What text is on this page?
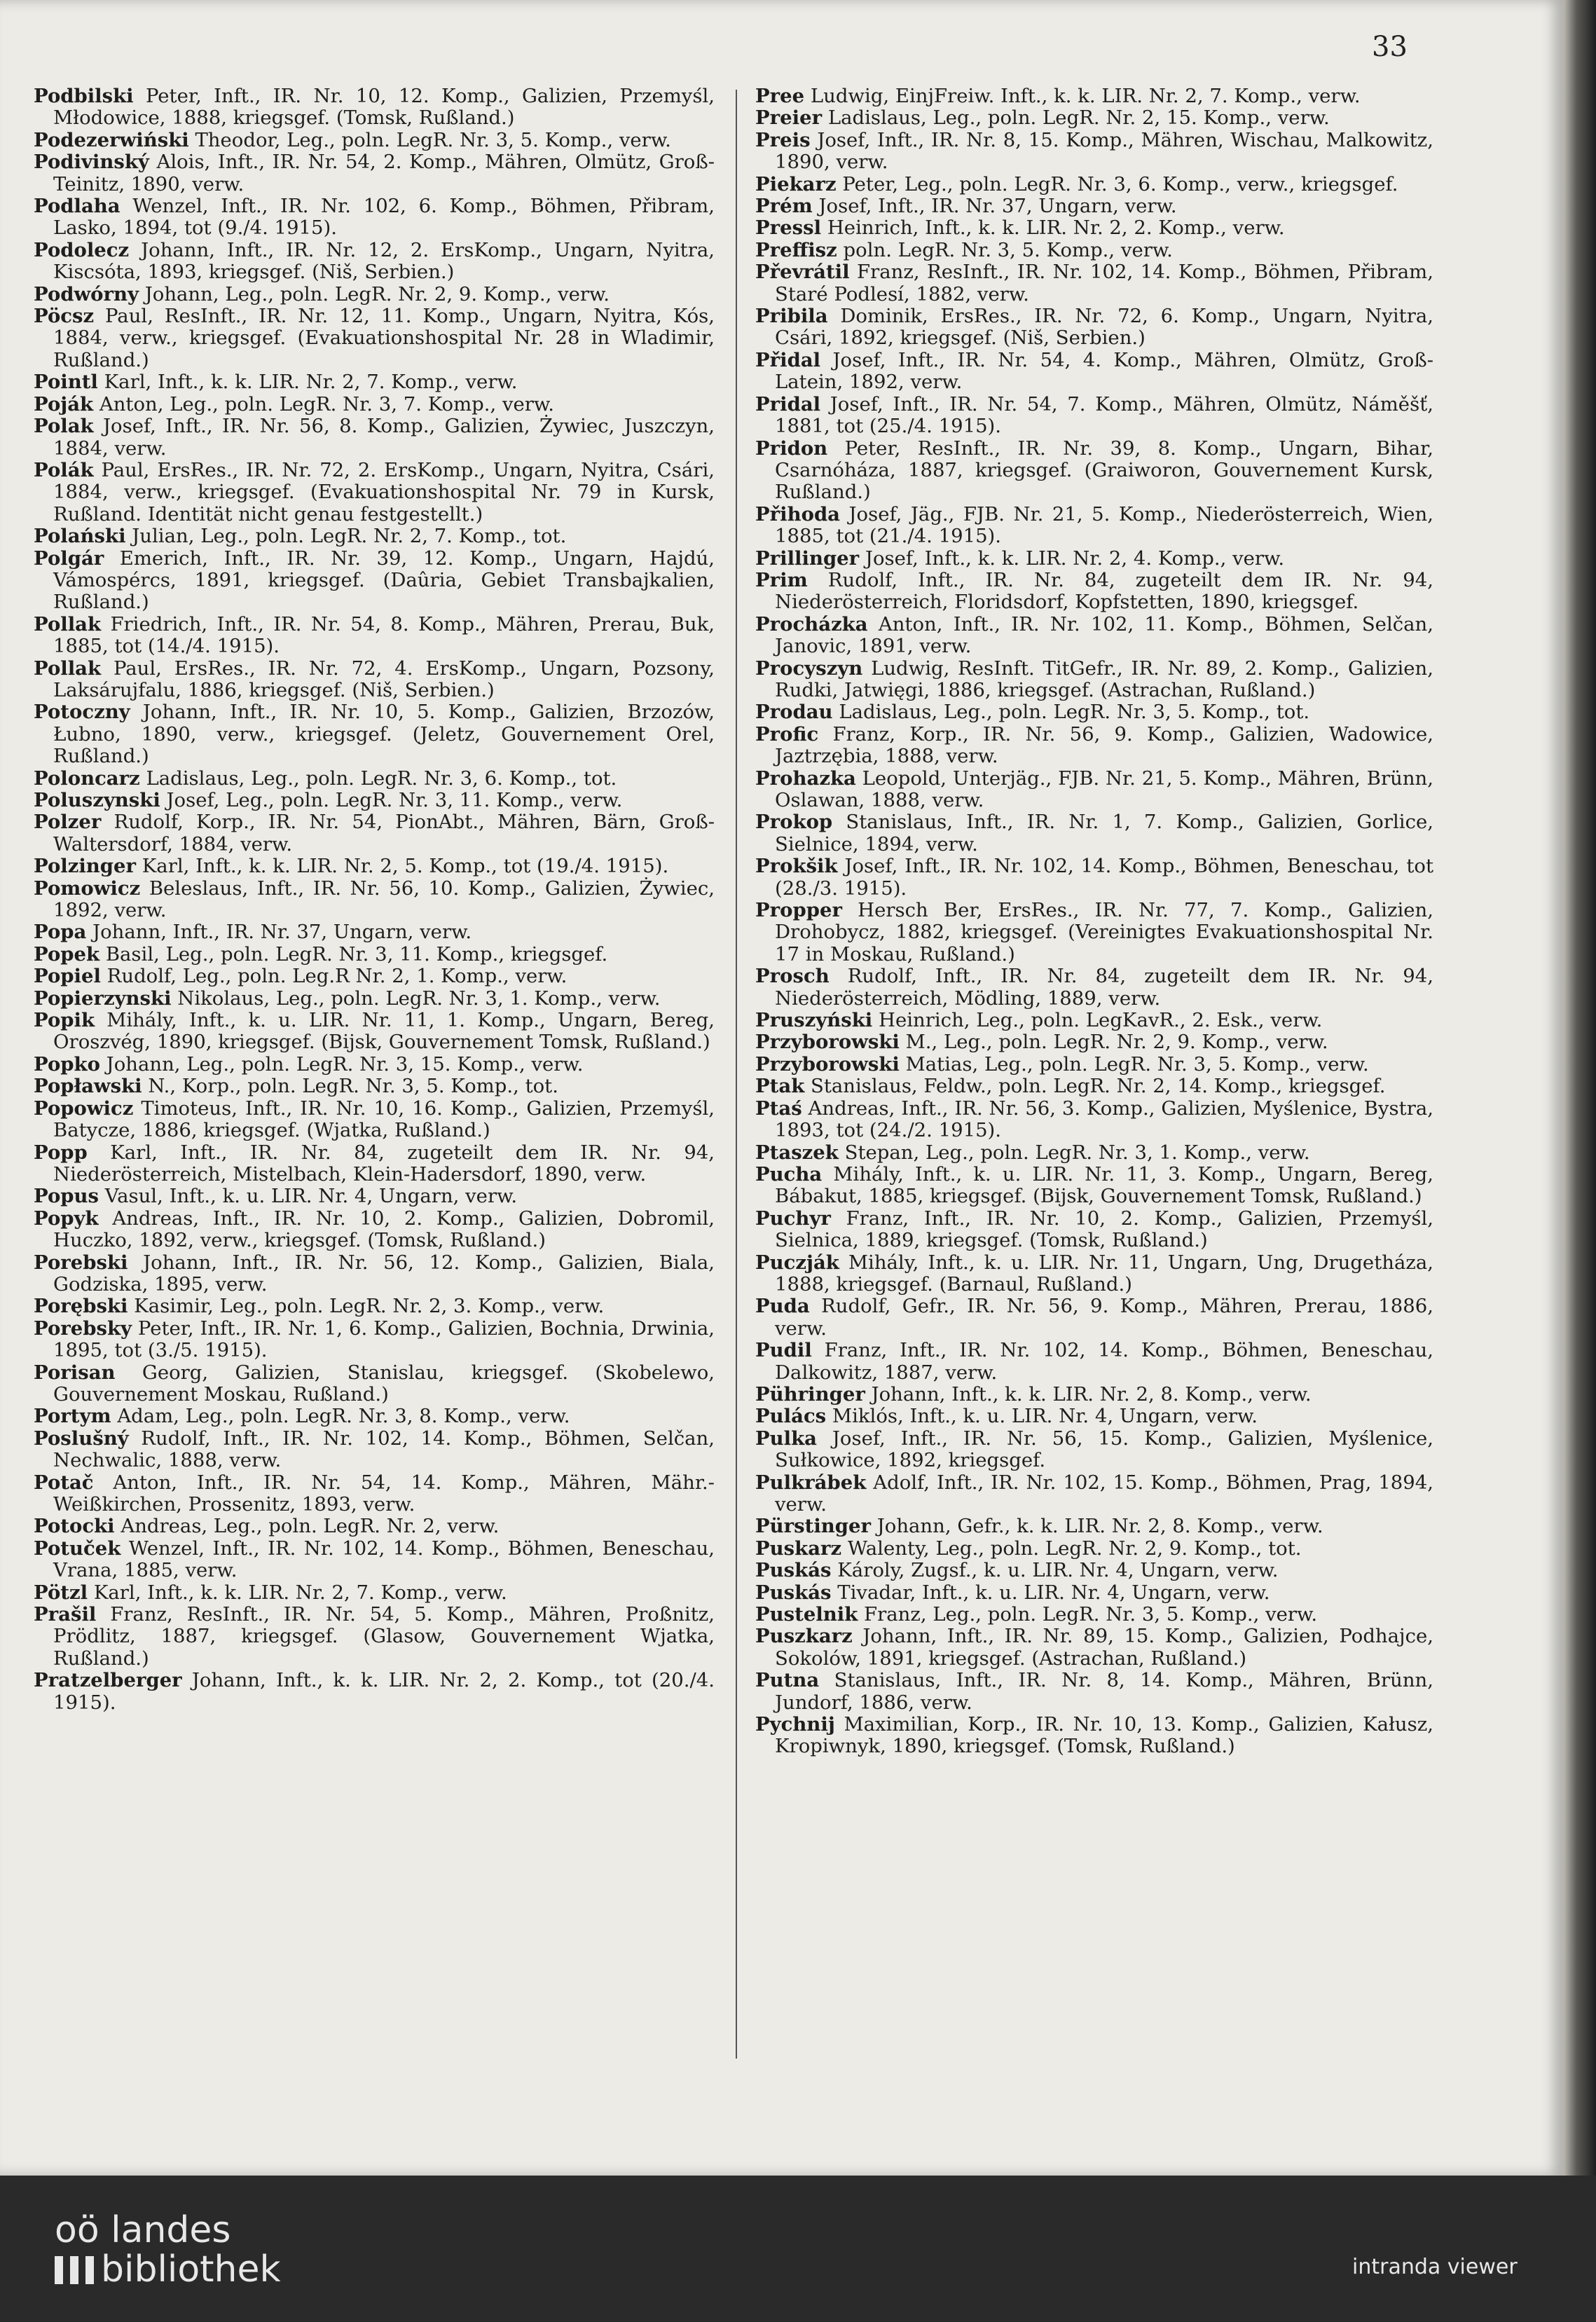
33

Podbilski Peter, Inft., IR. Nr. 10, 12. Komp., Galizien, Przemyśl, Młodowice, 1888, kriegsgef. (Tomsk, Rußland.)

Podezerwiński Theodor, Leg., poln. LegR. Nr. 3, 5. Komp., verw.

Podivinský Alois, Inft., IR. Nr. 54, 2. Komp., Mähren, Olmütz, Groß-Teinitz, 1890, verw.

Podlaha Wenzel, Inft., IR. Nr. 102, 6. Komp., Böhmen, Přibram, Lasko, 1894, tot (9./4. 1915).

Podolecz Johann, Inft., IR. Nr. 12, 2. ErsKomp., Ungarn, Nyitra, Kiscsóta, 1893, kriegsgef. (Niš, Serbien.)

Podwórny Johann, Leg., poln. LegR. Nr. 2, 9. Komp., verw.

Pöcsz Paul, ResInft., IR. Nr. 12, 11. Komp., Ungarn, Nyitra, Kós, 1884, verw., kriegsgef. (Evakuationshospital Nr. 28 in Wladimir, Rußland.)

Pointl Karl, Inft., k. k. LIR. Nr. 2, 7. Komp., verw.

Poják Anton, Leg., poln. LegR. Nr. 3, 7. Komp., verw.

Polak Josef, Inft., IR. Nr. 56, 8. Komp., Galizien, Żywiec, Juszczyn, 1884, verw.

Polák Paul, ErsRes., IR. Nr. 72, 2. ErsKomp., Ungarn, Nyitra, Csári, 1884, verw., kriegsgef. (Evakuationshospital Nr. 79 in Kursk, Rußland. Identität nicht genau festgestellt.)

Polański Julian, Leg., poln. LegR. Nr. 2, 7. Komp., tot.

Polgár Emerich, Inft., IR. Nr. 39, 12. Komp., Ungarn, Hajdú, Vámospércs, 1891, kriegsgef. (Daûria, Gebiet Transbajkalien, Rußland.)

Pollak Friedrich, Inft., IR. Nr. 54, 8. Komp., Mähren, Prerau, Buk, 1885, tot (14./4. 1915).

Pollak Paul, ErsRes., IR. Nr. 72, 4. ErsKomp., Ungarn, Pozsony, Laksárujfalu, 1886, kriegsgef. (Niš, Serbien.)

Potoczny Johann, Inft., IR. Nr. 10, 5. Komp., Galizien, Brzozów, Łubno, 1890, verw., kriegsgef. (Jeletz, Gouvernement Orel, Rußland.)

Poloncarz Ladislaus, Leg., poln. LegR. Nr. 3, 6. Komp., tot.

Poluszynski Josef, Leg., poln. LegR. Nr. 3, 11. Komp., verw.

Polzer Rudolf, Korp., IR. Nr. 54, PionAbt., Mähren, Bärn, Groß-Waltersdorf, 1884, verw.

Polzinger Karl, Inft., k. k. LIR. Nr. 2, 5. Komp., tot (19./4. 1915).

Pomowicz Beleslaus, Inft., IR. Nr. 56, 10. Komp., Galizien, Żywiec, 1892, verw.

Popa Johann, Inft., IR. Nr. 37, Ungarn, verw.

Popek Basil, Leg., poln. LegR. Nr. 3, 11. Komp., kriegsgef.

Popiel Rudolf, Leg., poln. Leg.R Nr. 2, 1. Komp., verw.

Popierzynski Nikolaus, Leg., poln. LegR. Nr. 3, 1. Komp., verw.

Popik Mihály, Inft., k. u. LIR. Nr. 11, 1. Komp., Ungarn, Bereg, Oroszvég, 1890, kriegsgef. (Bijsk, Gouvernement Tomsk, Rußland.)

Popko Johann, Leg., poln. LegR. Nr. 3, 15. Komp., verw.

Popławski N., Korp., poln. LegR. Nr. 3, 5. Komp., tot.

Popowicz Timoteus, Inft., IR. Nr. 10, 16. Komp., Galizien, Przemyśl, Batycze, 1886, kriegsgef. (Wjatka, Rußland.)

Popp Karl, Inft., IR. Nr. 84, zugeteilt dem IR. Nr. 94, Niederösterreich, Mistelbach, Klein-Hadersdorf, 1890, verw.

Popus Vasul, Inft., k. u. LIR. Nr. 4, Ungarn, verw.

Popyk Andreas, Inft., IR. Nr. 10, 2. Komp., Galizien, Dobromil, Huczko, 1892, verw., kriegsgef. (Tomsk, Rußland.)

Porebski Johann, Inft., IR. Nr. 56, 12. Komp., Galizien, Biala, Godziska, 1895, verw.

Porębski Kasimir, Leg., poln. LegR. Nr. 2, 3. Komp., verw.

Porebsky Peter, Inft., IR. Nr. 1, 6. Komp., Galizien, Bochnia, Drwinia, 1895, tot (3./5. 1915).

Porisan Georg, Galizien, Stanislau, kriegsgef. (Skobelewo, Gouvernement Moskau, Rußland.)

Portym Adam, Leg., poln. LegR. Nr. 3, 8. Komp., verw.

Poslušný Rudolf, Inft., IR. Nr. 102, 14. Komp., Böhmen, Selčan, Nechwalic, 1888, verw.

Potač Anton, Inft., IR. Nr. 54, 14. Komp., Mähren, Mähr.-Weißkirchen, Prossenitz, 1893, verw.

Potocki Andreas, Leg., poln. LegR. Nr. 2, verw.

Potuček Wenzel, Inft., IR. Nr. 102, 14. Komp., Böhmen, Beneschau, Vrana, 1885, verw.

Pötzl Karl, Inft., k. k. LIR. Nr. 2, 7. Komp., verw.

Prašil Franz, ResInft., IR. Nr. 54, 5. Komp., Mähren, Proßnitz, Prödlitz, 1887, kriegsgef. (Glasow, Gouvernement Wjatka, Rußland.)

Pratzelberger Johann, Inft., k. k. LIR. Nr. 2, 2. Komp., tot (20./4. 1915).

Pree Ludwig, EinjFreiw. Inft., k. k. LIR. Nr. 2, 7. Komp., verw.

Preier Ladislaus, Leg., poln. LegR. Nr. 2, 15. Komp., verw.

Preis Josef, Inft., IR. Nr. 8, 15. Komp., Mähren, Wischau, Malkowitz, 1890, verw.

Piekarz Peter, Leg., poln. LegR. Nr. 3, 6. Komp., verw., kriegsgef.

Prém Josef, Inft., IR. Nr. 37, Ungarn, verw.

Pressl Heinrich, Inft., k. k. LIR. Nr. 2, 2. Komp., verw.

Preffisz poln. LegR. Nr. 3, 5. Komp., verw.

Převrátil Franz, ResInft., IR. Nr. 102, 14. Komp., Böhmen, Přibram, Staré Podlesí, 1882, verw.

Pribila Dominik, ErsRes., IR. Nr. 72, 6. Komp., Ungarn, Nyitra, Csári, 1892, kriegsgef. (Niš, Serbien.)

Přidal Josef, Inft., IR. Nr. 54, 4. Komp., Mähren, Olmütz, Groß-Latein, 1892, verw.

Pridal Josef, Inft., IR. Nr. 54, 7. Komp., Mähren, Olmütz, Náměšť, 1881, tot (25./4. 1915).

Pridon Peter, ResInft., IR. Nr. 39, 8. Komp., Ungarn, Bihar, Csarnóháza, 1887, kriegsgef. (Graiworon, Gouvernement Kursk, Rußland.)

Přihoda Josef, Jäg., FJB. Nr. 21, 5. Komp., Niederösterreich, Wien, 1885, tot (21./4. 1915).

Prillinger Josef, Inft., k. k. LIR. Nr. 2, 4. Komp., verw.

Prim Rudolf, Inft., IR. Nr. 84, zugeteilt dem IR. Nr. 94, Niederösterreich, Floridsdorf, Kopfstetten, 1890, kriegsgef.

Procházka Anton, Inft., IR. Nr. 102, 11. Komp., Böhmen, Selčan, Janovic, 1891, verw.

Procyszyn Ludwig, ResInft. TitGefr., IR. Nr. 89, 2. Komp., Galizien, Rudki, Jatwięgi, 1886, kriegsgef. (Astrachan, Rußland.)

Prodau Ladislaus, Leg., poln. LegR. Nr. 3, 5. Komp., tot.

Profic Franz, Korp., IR. Nr. 56, 9. Komp., Galizien, Wadowice, Jaztrzębia, 1888, verw.

Prohazka Leopold, Unterjäg., FJB. Nr. 21, 5. Komp., Mähren, Brünn, Oslawan, 1888, verw.

Prokop Stanislaus, Inft., IR. Nr. 1, 7. Komp., Galizien, Gorlice, Sielnice, 1894, verw.

Prokšik Josef, Inft., IR. Nr. 102, 14. Komp., Böhmen, Beneschau, tot (28./3. 1915).

Propper Hersch Ber, ErsRes., IR. Nr. 77, 7. Komp., Galizien, Drohobycz, 1882, kriegsgef. (Vereinigtes Evakuationshospital Nr. 17 in Moskau, Rußland.)

Prosch Rudolf, Inft., IR. Nr. 84, zugeteilt dem IR. Nr. 94, Niederösterreich, Mödling, 1889, verw.

Pruszyński Heinrich, Leg., poln. LegKavR., 2. Esk., verw.

Przyborowski M., Leg., poln. LegR. Nr. 2, 9. Komp., verw.

Przyborowski Matias, Leg., poln. LegR. Nr. 3, 5. Komp., verw.

Ptak Stanislaus, Feldw., poln. LegR. Nr. 2, 14. Komp., kriegsgef.

Ptaś Andreas, Inft., IR. Nr. 56, 3. Komp., Galizien, Myślenice, Bystra, 1893, tot (24./2. 1915).

Ptaszek Stepan, Leg., poln. LegR. Nr. 3, 1. Komp., verw.

Pucha Mihály, Inft., k. u. LIR. Nr. 11, 3. Komp., Ungarn, Bereg, Bábakut, 1885, kriegsgef. (Bijsk, Gouvernement Tomsk, Rußland.)

Puchyr Franz, Inft., IR. Nr. 10, 2. Komp., Galizien, Przemyśl, Sielnica, 1889, kriegsgef. (Tomsk, Rußland.)

Puczják Mihály, Inft., k. u. LIR. Nr. 11, Ungarn, Ung, Drugetháza, 1888, kriegsgef. (Barnaul, Rußland.)

Puda Rudolf, Gefr., IR. Nr. 56, 9. Komp., Mähren, Prerau, 1886, verw.

Pudil Franz, Inft., IR. Nr. 102, 14. Komp., Böhmen, Beneschau, Dalkowitz, 1887, verw.

Pühringer Johann, Inft., k. k. LIR. Nr. 2, 8. Komp., verw.

Pulács Miklós, Inft., k. u. LIR. Nr. 4, Ungarn, verw.

Pulka Josef, Inft., IR. Nr. 56, 15. Komp., Galizien, Myślenice, Sułkowice, 1892, kriegsgef.

Pulkrábek Adolf, Inft., IR. Nr. 102, 15. Komp., Böhmen, Prag, 1894, verw.

Pürstinger Johann, Gefr., k. k. LIR. Nr. 2, 8. Komp., verw.

Puskarz Walenty, Leg., poln. LegR. Nr. 2, 9. Komp., tot.

Puskás Károly, Zugsf., k. u. LIR. Nr. 4, Ungarn, verw.

Puskás Tivadar, Inft., k. u. LIR. Nr. 4, Ungarn, verw.

Pustelnik Franz, Leg., poln. LegR. Nr. 3, 5. Komp., verw.

Puszkarz Johann, Inft., IR. Nr. 89, 15. Komp., Galizien, Podhajce, Sokolów, 1891, kriegsgef. (Astrachan, Rußland.)

Putna Stanislaus, Inft., IR. Nr. 8, 14. Komp., Mähren, Brünn, Jundorf, 1886, verw.

Pychnij Maximilian, Korp., IR. Nr. 10, 13. Komp., Galizien, Kałusz, Kropiwnyk, 1890, kriegsgef. (Tomsk, Rußland.)

oö landes
bibliothek	intranda viewer
